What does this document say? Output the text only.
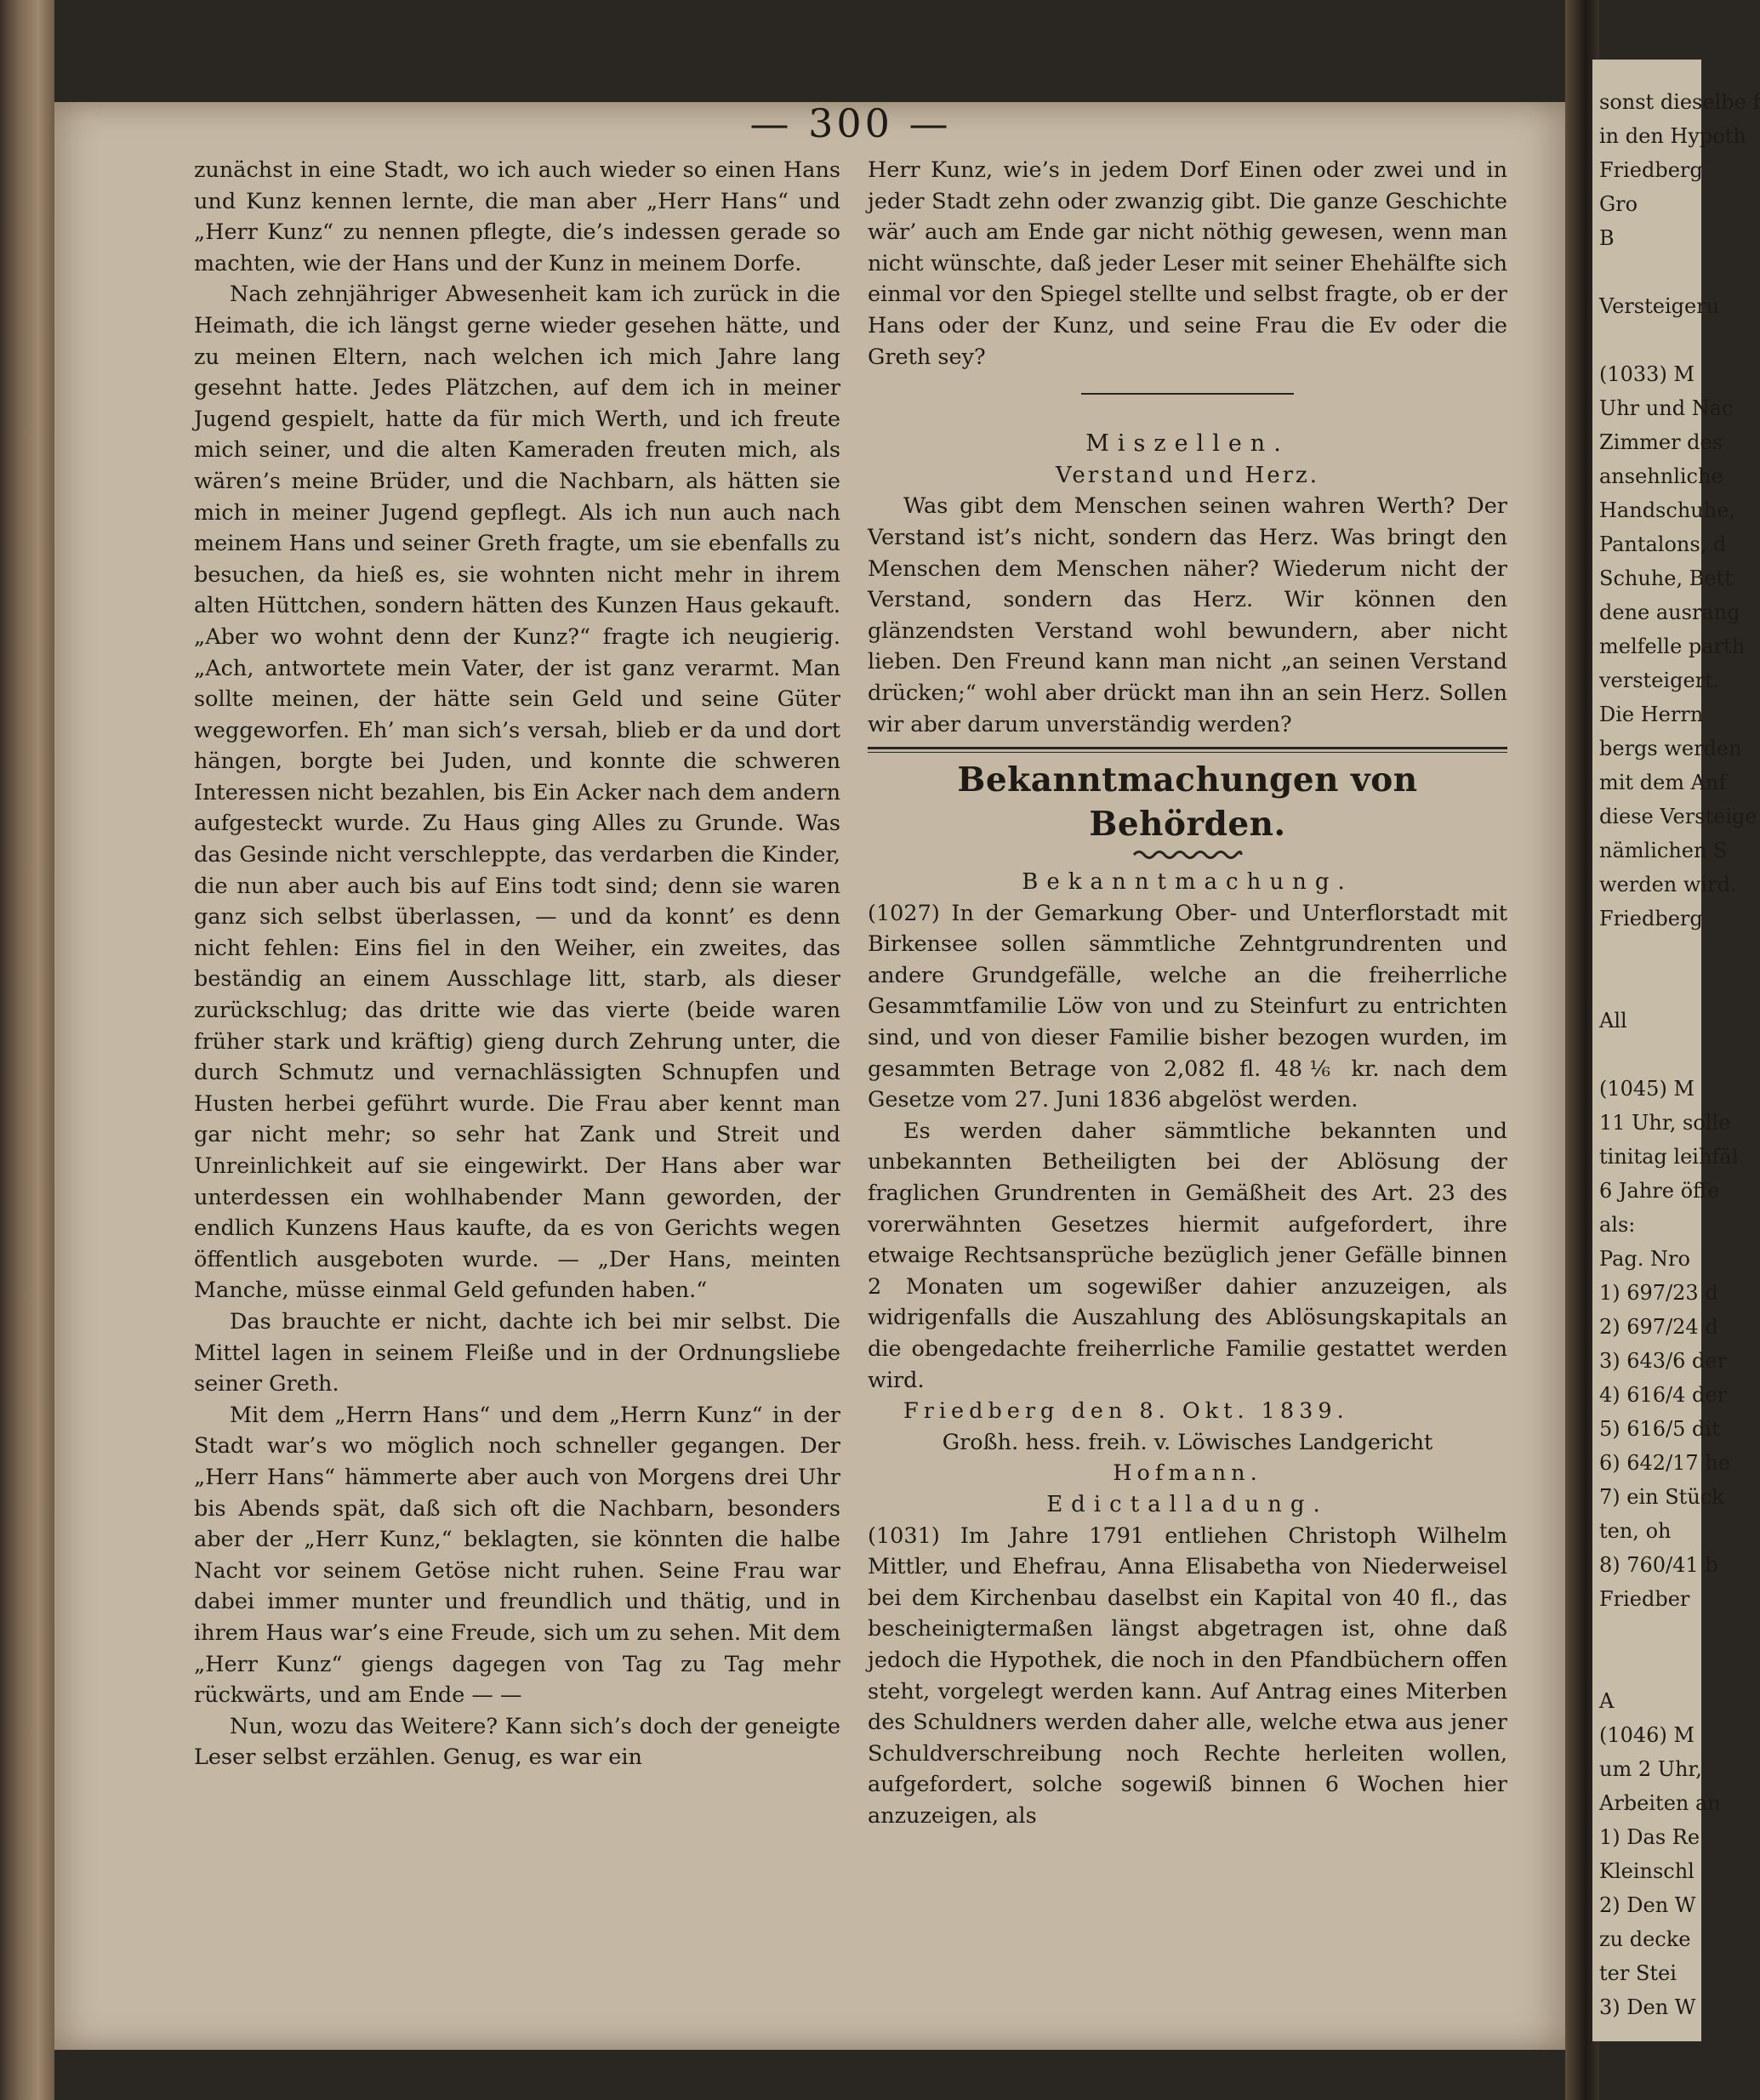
sonst dieselbe f
in den Hypoth
Friedberg
Gro
B

Versteigeru

(1033) M
Uhr und Nac
Zimmer des
ansehnliche
Handschuhe,
Pantalons, d
Schuhe, Bett
dene ausrang
melfelle parth
versteigert.
Die Herrn
bergs werden
mit dem Anf
diese Versteige
nämlichen S
werden wird.
Friedberg

All

(1045) M
11 Uhr, solle
tinitag leihfäl
6 Jahre öffe
als:
Pag. Nro
1) 697/23 d
2) 697/24 d
3) 643/6 der
4) 616/4 der
5) 616/5 dit
6) 642/17 he
7) ein Stück
ten, oh
8) 760/41 b
Friedber

A
(1046) M
um 2 Uhr,
Arbeiten an
1) Das Re
Kleinschl
2) Den W
zu decke
ter Stei
3) Den W
— 300 —

zunächst in eine Stadt, wo ich auch wieder so einen Hans und Kunz kennen lernte, die man aber „Herr Hans“ und „Herr Kunz“ zu nennen pflegte, die’s indessen gerade so machten, wie der Hans und der Kunz in meinem Dorfe.

Nach zehnjähriger Abwesenheit kam ich zurück in die Heimath, die ich längst gerne wieder gesehen hätte, und zu meinen Eltern, nach welchen ich mich Jahre lang gesehnt hatte. Jedes Plätzchen, auf dem ich in meiner Jugend gespielt, hatte da für mich Werth, und ich freute mich seiner, und die alten Kameraden freuten mich, als wären’s meine Brüder, und die Nachbarn, als hätten sie mich in meiner Jugend gepflegt. Als ich nun auch nach meinem Hans und seiner Greth fragte, um sie ebenfalls zu besuchen, da hieß es, sie wohnten nicht mehr in ihrem alten Hüttchen, sondern hätten des Kunzen Haus gekauft. „Aber wo wohnt denn der Kunz?“ fragte ich neugierig. „Ach, antwortete mein Vater, der ist ganz verarmt. Man sollte meinen, der hätte sein Geld und seine Güter weggeworfen. Eh’ man sich’s versah, blieb er da und dort hängen, borgte bei Juden, und konnte die schweren Interessen nicht bezahlen, bis Ein Acker nach dem andern aufgesteckt wurde. Zu Haus ging Alles zu Grunde. Was das Gesinde nicht verschleppte, das verdarben die Kinder, die nun aber auch bis auf Eins todt sind; denn sie waren ganz sich selbst überlassen, — und da konnt’ es denn nicht fehlen: Eins fiel in den Weiher, ein zweites, das beständig an einem Ausschlage litt, starb, als dieser zurückschlug; das dritte wie das vierte (beide waren früher stark und kräftig) gieng durch Zehrung unter, die durch Schmutz und vernachlässigten Schnupfen und Husten herbei geführt wurde. Die Frau aber kennt man gar nicht mehr; so sehr hat Zank und Streit und Unreinlichkeit auf sie eingewirkt. Der Hans aber war unterdessen ein wohlhabender Mann geworden, der endlich Kunzens Haus kaufte, da es von Gerichts wegen öffentlich ausgeboten wurde. — „Der Hans, meinten Manche, müsse einmal Geld gefunden haben.“

Das brauchte er nicht, dachte ich bei mir selbst. Die Mittel lagen in seinem Fleiße und in der Ordnungsliebe seiner Greth.

Mit dem „Herrn Hans“ und dem „Herrn Kunz“ in der Stadt war’s wo möglich noch schneller gegangen. Der „Herr Hans“ hämmerte aber auch von Morgens drei Uhr bis Abends spät, daß sich oft die Nachbarn, besonders aber der „Herr Kunz,“ beklagten, sie könnten die halbe Nacht vor seinem Getöse nicht ruhen. Seine Frau war dabei immer munter und freundlich und thätig, und in ihrem Haus war’s eine Freude, sich um zu sehen. Mit dem „Herr Kunz“ giengs dagegen von Tag zu Tag mehr rückwärts, und am Ende — —

Nun, wozu das Weitere? Kann sich’s doch der geneigte Leser selbst erzählen. Genug, es war ein

Herr Kunz, wie’s in jedem Dorf Einen oder zwei und in jeder Stadt zehn oder zwanzig gibt. Die ganze Geschichte wär’ auch am Ende gar nicht nöthig gewesen, wenn man nicht wünschte, daß jeder Leser mit seiner Ehehälfte sich einmal vor den Spiegel stellte und selbst fragte, ob er der Hans oder der Kunz, und seine Frau die Ev oder die Greth sey?

Miszellen.

Verstand und Herz.

Was gibt dem Menschen seinen wahren Werth? Der Verstand ist’s nicht, sondern das Herz. Was bringt den Menschen dem Menschen näher? Wiederum nicht der Verstand, sondern das Herz. Wir können den glänzendsten Verstand wohl bewundern, aber nicht lieben. Den Freund kann man nicht „an seinen Verstand drücken;“ wohl aber drückt man ihn an sein Herz. Sollen wir aber darum unverständig werden?

Bekanntmachungen von Behörden.

Bekanntmachung.

(1027) In der Gemarkung Ober- und Unterflorstadt mit Birkensee sollen sämmtliche Zehntgrundrenten und andere Grundgefälle, welche an die freiherrliche Gesammtfamilie Löw von und zu Steinfurt zu entrichten sind, und von dieser Familie bisher bezogen wurden, im gesammten Betrage von 2,082 fl. 48⅙ kr. nach dem Gesetze vom 27. Juni 1836 abgelöst werden.

Es werden daher sämmtliche bekannten und unbekannten Betheiligten bei der Ablösung der fraglichen Grundrenten in Gemäßheit des Art. 23 des vorerwähnten Gesetzes hiermit aufgefordert, ihre etwaige Rechtsansprüche bezüglich jener Gefälle binnen 2 Monaten um sogewißer dahier anzuzeigen, als widrigenfalls die Auszahlung des Ablösungskapitals an die obengedachte freiherrliche Familie gestattet werden wird.

Friedberg den 8. Okt. 1839.

Großh. hess. freih. v. Löwisches Landgericht

Hofmann.

Edictalladung.

(1031) Im Jahre 1791 entliehen Christoph Wilhelm Mittler, und Ehefrau, Anna Elisabetha von Niederweisel bei dem Kirchenbau daselbst ein Kapital von 40 fl., das bescheinigtermaßen längst abgetragen ist, ohne daß jedoch die Hypothek, die noch in den Pfandbüchern offen steht, vorgelegt werden kann. Auf Antrag eines Miterben des Schuldners werden daher alle, welche etwa aus jener Schuldverschreibung noch Rechte herleiten wollen, aufgefordert, solche sogewiß binnen 6 Wochen hier anzuzeigen, als
